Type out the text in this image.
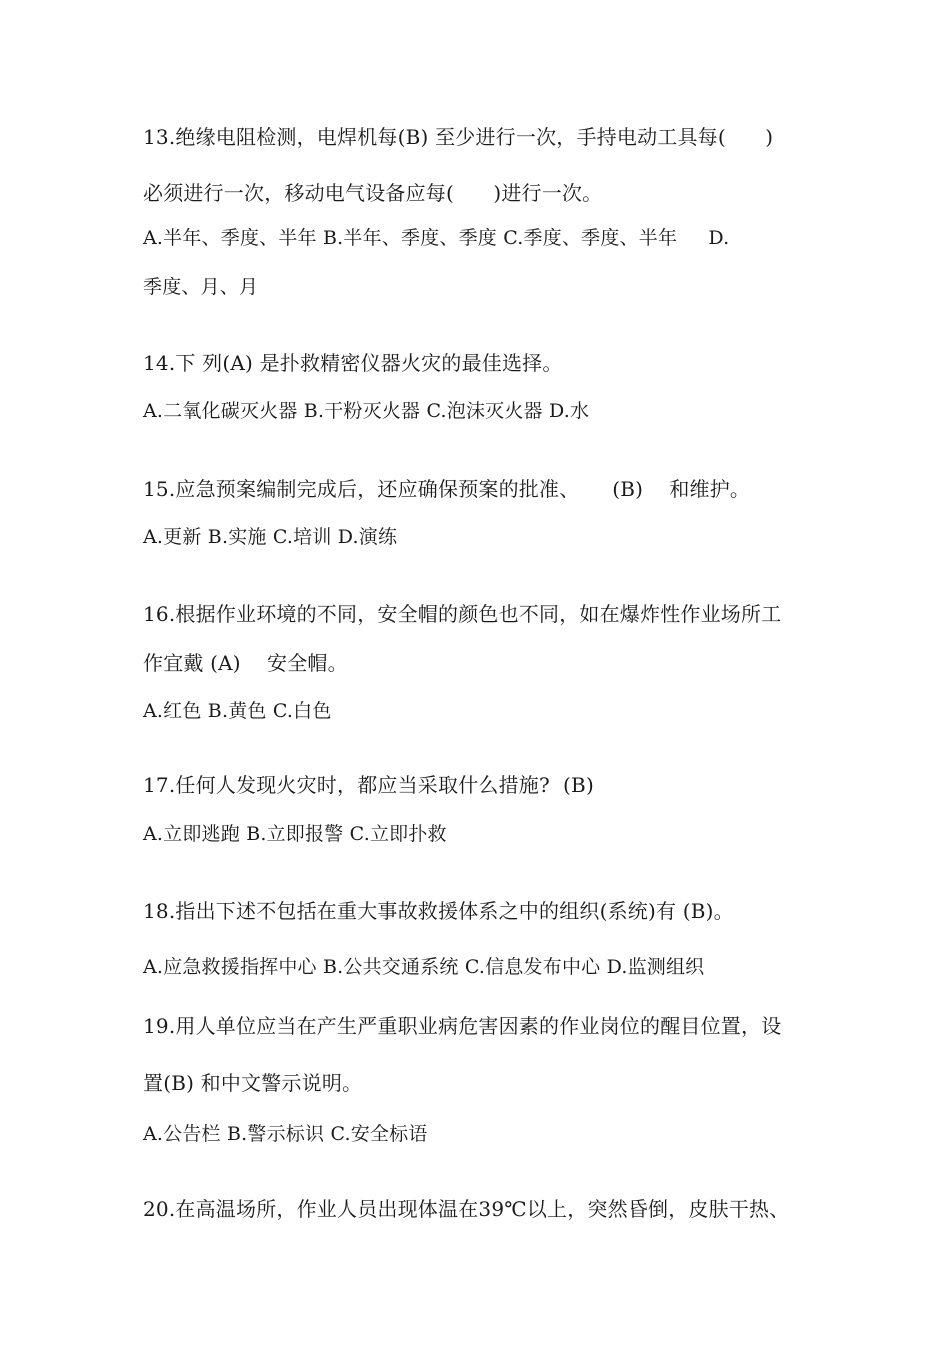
13.绝缘电阻检测，电焊机每(B) 至少进行一次，手持电动工具每(      )
必须进行一次，移动电气设备应每(      )进行一次。
A.半年、季度、半年 B.半年、季度、季度 C.季度、季度、半年     D.
季度、月、月
14.下 列(A) 是扑救精密仪器火灾的最佳选择。
A.二氧化碳灭火器 B.干粉灭火器 C.泡沫灭火器 D.水
15.应急预案编制完成后，还应确保预案的批准、     (B)    和维护。
A.更新 B.实施 C.培训 D.演练
16.根据作业环境的不同，安全帽的颜色也不同，如在爆炸性作业场所工
作宜戴 (A)    安全帽。
A.红色 B.黄色 C.白色
17.任何人发现火灾时，都应当采取什么措施?  (B)
A.立即逃跑 B.立即报警 C.立即扑救
18.指出下述不包括在重大事故救援体系之中的组织(系统)有 (B)。
A.应急救援指挥中心 B.公共交通系统 C.信息发布中心 D.监测组织
19.用人单位应当在产生严重职业病危害因素的作业岗位的醒目位置，设
置(B) 和中文警示说明。
A.公告栏 B.警示标识 C.安全标语
20.在高温场所，作业人员出现体温在39℃以上，突然昏倒，皮肤干热、
